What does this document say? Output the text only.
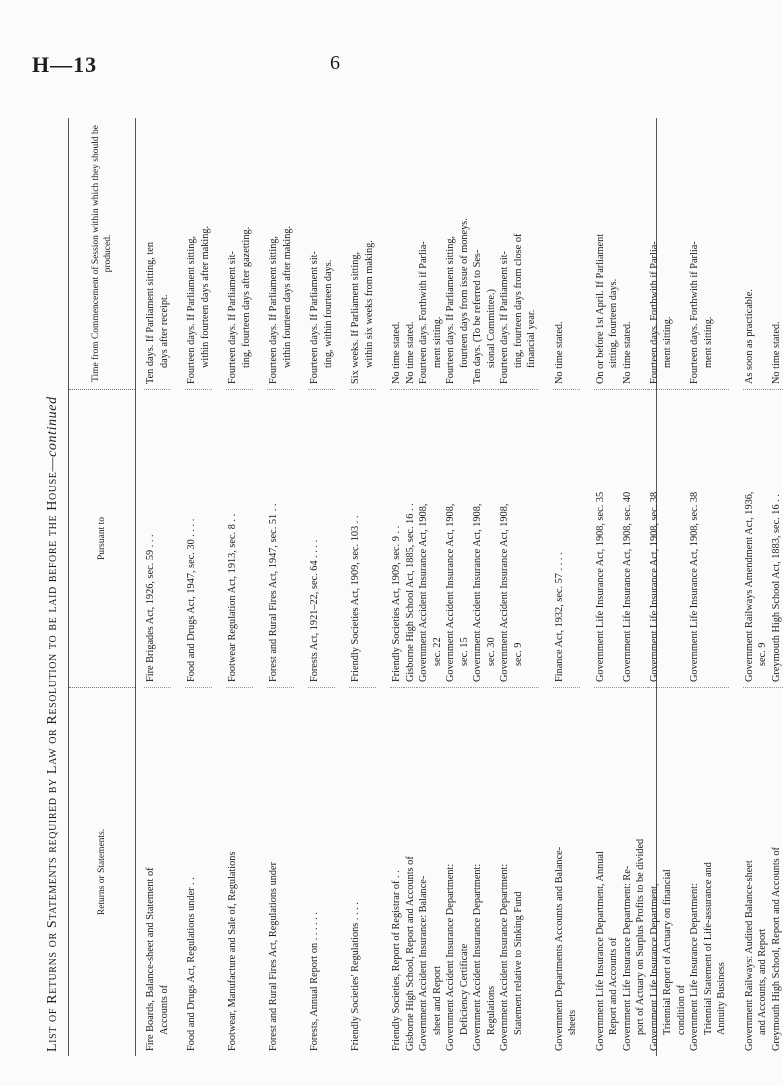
H—13	6
List of Returns or Statements required by Law or Resolution to be laid before the House—continued
Returns or Statements.
Pursuant to
Time from Commencement of Session within which they should be produced.
Fire Boards, Balance-sheet and Statement of Accounts of
Fire Brigades Act, 1926, sec. 59 . . .
Ten days. If Parliament sitting, ten days after receipt.
Food and Drugs Act, Regulations under . .
Food and Drugs Act, 1947, sec. 30 . . . .
Fourteen days. If Parliament sitting, within fourteen days after making.
Footwear, Manufacture and Sale of, Regulations
Footwear Regulation Act, 1913, sec. 8 . .
Fourteen days. If Parliament sit- ting, fourteen days after gazetting.
Forest and Rural Fires Act, Regulations under
Forest and Rural Fires Act, 1947, sec. 51 . .
Fourteen days. If Parliament sitting, within fourteen days after making.
Forests, Annual Report on . . . . . .
Forests Act, 1921–22, sec. 64 . . . .
Fourteen days. If Parliament sit- ting, within fourteen days.
Friendly Societies' Regulations . . . .
Friendly Societies Act, 1909, sec. 103 . .
Six weeks. If Parliament sitting, within six weeks from making.
Friendly Societies, Report of Registrar of . .
Friendly Societies Act, 1909, sec. 9 . .
No time stated.
Gisborne High School, Report and Accounts of
Gisborne High School Act, 1885, sec. 16 . .
No time stated.
Government Accident Insurance: Balance- sheet and Report
Government Accident Insurance Act, 1908, sec. 22
Fourteen days. Forthwith if Parlia- ment sitting.
Government Accident Insurance Department: Deficiency Certificate
Government Accident Insurance Act, 1908, sec. 15
Fourteen days. If Parliament sitting, fourteen days from issue of moneys.
Government Accident Insurance Department: Regulations
Government Accident Insurance Act, 1908, sec. 30
Ten days. (To be referred to Ses- sional Committee.)
Government Accident Insurance Department: Statement relative to Sinking Fund
Government Accident Insurance Act, 1908, sec. 9
Fourteen days. If Parliament sit- ting, fourteen days from close of financial year.
Government Departments Accounts and Balance- sheets
Finance Act, 1932, sec. 57 . . . .
No time stated.
Government Life Insurance Department, Annual Report and Accounts of
Government Life Insurance Act, 1908, sec. 35
On or before 1st April. If Parliament sitting, fourteen days.
Government Life Insurance Department: Re- port of Actuary on Surplus Profits to be divided
Government Life Insurance Act, 1908, sec. 40
No time stated.
Government Life Insurance Department, Triennial Report of Actuary on financial condition of
Government Life Insurance Act, 1908, sec. 38
Fourteen days. Forthwith if Parlia- ment sitting.
Government Life Insurance Department: Triennial Statement of Life-assurance and Annuity Business
Government Life Insurance Act, 1908, sec. 38
Fourteen days. Forthwith if Parlia- ment sitting.
Government Railways: Audited Balance-sheet and Accounts, and Report
Government Railways Amendment Act, 1936, sec. 9
As soon as practicable.
Greymouth High School, Report and Accounts of
Greymouth High School Act, 1883, sec. 16 . .
No time stated.
